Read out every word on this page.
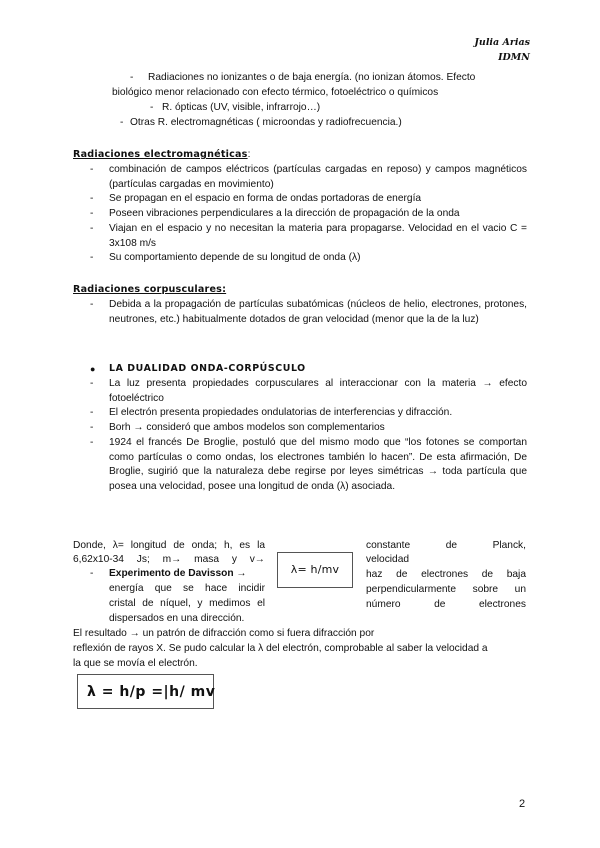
Julia Arias
IDMN
- Radiaciones no ionizantes o de baja energía. (no ionizan átomos. Efecto
biológico menor relacionado con efecto térmico, fotoeléctrico o químicos
- R. ópticas (UV, visible, infrarrojo…)
- Otras R. electromagnéticas ( microondas y radiofrecuencia.)
Radiaciones electromagnéticas:
-	combinación de campos eléctricos (partículas cargadas en reposo) y campos magnéticos (partículas cargadas en movimiento)
-	Se propagan en el espacio en forma de ondas portadoras de energía
-	Poseen vibraciones perpendiculares a la dirección de propagación de la onda
-	Viajan en el espacio y no necesitan la materia para propagarse. Velocidad en el vacio C = 3x108 m/s
-	Su comportamiento depende de su longitud de onda (λ)
Radiaciones corpusculares:
-	Debida a la propagación de partículas subatómicas (núcleos de helio, electrones, protones, neutrones, etc.) habitualmente dotados de gran velocidad (menor que la de la luz)
● LA DUALIDAD ONDA-CORPÚSCULO
-	La luz presenta propiedades corpusculares al interaccionar con la materia → efecto fotoeléctrico
-	El electrón presenta propiedades ondulatorias de interferencias y difracción.
-	Borh → consideró que ambos modelos son complementarios
-	1924 el francés De Broglie, postuló que del mismo modo que “los fotones se comportan como partículas o como ondas, los electrones también lo hacen”. De esta afirmación, De Broglie, sugirió que la naturaleza debe regirse por leyes simétricas → toda partícula que posea una velocidad, posee una longitud de onda (λ) asociada.
Donde, λ= longitud de onda; h, es la
6,62x10-34 Js; m→ masa y v→
- Experimento de Davisson →
energía que se hace incidir
cristal de níquel, y medimos el
dispersados en una dirección.
constante	de	Planck,
velocidad
haz de electrones de baja
perpendicularmente sobre un
número	de	electrones
λ= h/mv
El resultado → un patrón de difracción como si fuera difracción por
reflexión de rayos X. Se pudo calcular la λ del electrón, comprobable al saber la velocidad a
la que se movía el electrón.
λ = h/p =|h/ mv
2
